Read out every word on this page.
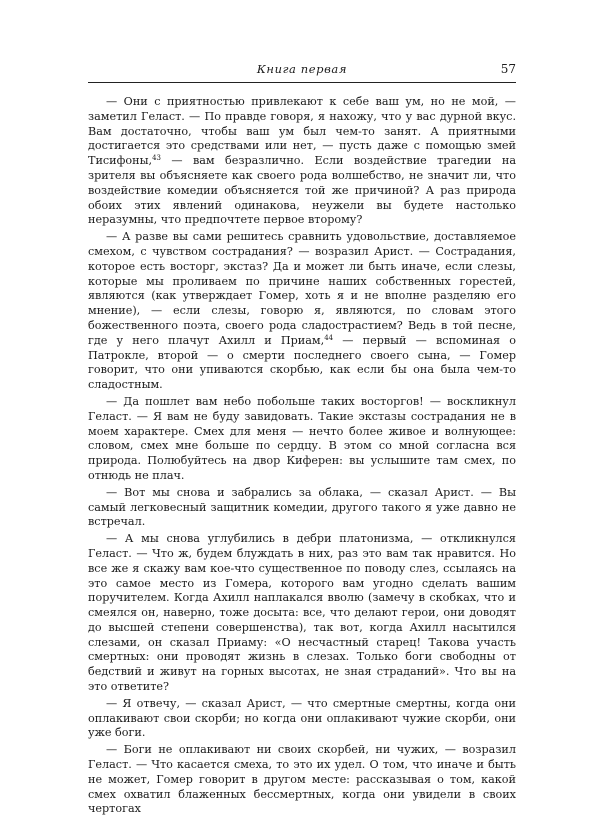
Книга первая	57

— Они с приятностью привлекают к себе ваш ум, но не мой, — заметил Геласт. — По правде говоря, я нахожу, что у вас дурной вкус. Вам достаточно, чтобы ваш ум был чем-то занят. А приятными достигается это средствами или нет, — пусть даже с помощью змей Тисифоны,$^{43}$ — вам безразлично. Если воздействие трагедии на зрителя вы объясняете как своего рода волшебство, не значит ли, что воздействие комедии объясняется той же причиной? А раз природа обоих этих явлений одинакова, неужели вы будете настолько неразумны, что предпочтете первое второму?

— А разве вы сами решитесь сравнить удовольствие, доставляемое смехом, с чувством сострадания? — возразил Арист. — Сострадания, которое есть восторг, экстаз? Да и может ли быть иначе, если слезы, которые мы проливаем по причине наших собственных горестей, являются (как утверждает Гомер, хоть я и не вполне разделяю его мнение), — если слезы, говорю я, являются, по словам этого божественного поэта, своего рода сладострастием? Ведь в той песне, где у него плачут Ахилл и Приам,$^{44}$ — первый — вспоминая о Патрокле, второй — о смерти последнего своего сына, — Гомер говорит, что они упиваются скорбью, как если бы она была чем-то сладостным.

— Да пошлет вам небо побольше таких восторгов! — воскликнул Геласт. — Я вам не буду завидовать. Такие экстазы сострадания не в моем характере. Смех для меня — нечто более живое и волнующее: словом, смех мне больше по сердцу. В этом со мной согласна вся природа. Полюбуйтесь на двор Киферен: вы услышите там смех, по отнюдь не плач.

— Вот мы снова и забрались за облака, — сказал Арист. — Вы самый легковесный защитник комедии, другого такого я уже давно не встречал.

— А мы снова углубились в дебри платонизма, — откликнулся Геласт. — Что ж, будем блуждать в них, раз это вам так нравится. Но все же я скажу вам кое-что существенное по поводу слез, ссылаясь на это самое место из Гомера, которого вам угодно сделать вашим поручителем. Когда Ахилл наплакался вволю (замечу в скобках, что и смеялся он, наверно, тоже досыта: все, что делают герои, они доводят до высшей степени совершенства), так вот, когда Ахилл насытился слезами, он сказал Приаму: «О несчастный старец! Такова участь смертных: они проводят жизнь в слезах. Только боги свободны от бедствий и живут на горных высотах, не зная страданий». Что вы на это ответите?

— Я отвечу, — сказал Арист, — что смертные смертны, когда они оплакивают свои скорби; но когда они оплакивают чужие скорби, они уже боги.

— Боги не оплакивают ни своих скорбей, ни чужих, — возразил Геласт. — Что касается смеха, то это их удел. О том, что иначе и быть не может, Гомер говорит в другом месте: рассказывая о том, какой смех охватил блаженных бессмертных, когда они увидели в своих чертогах
